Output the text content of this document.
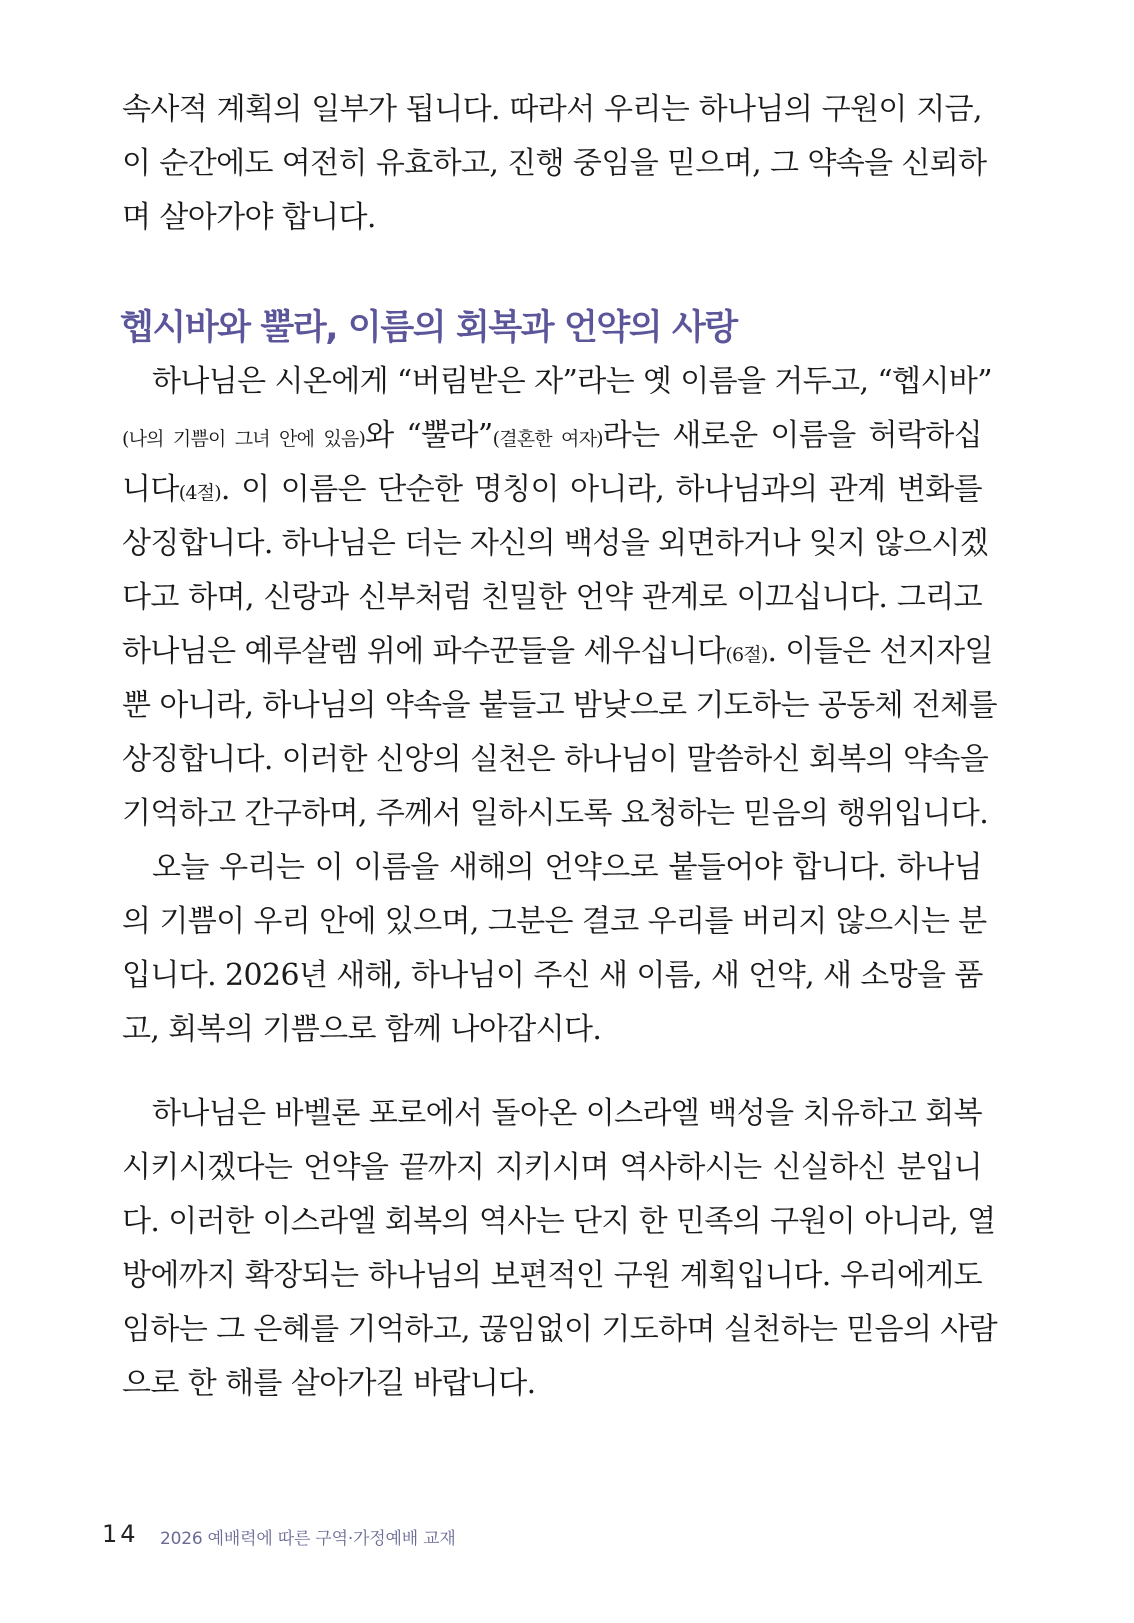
속사적 계획의 일부가 됩니다. 따라서 우리는 하나님의 구원이 지금,
이 순간에도 여전히 유효하고, 진행 중임을 믿으며, 그 약속을 신뢰하
며 살아가야 합니다.
헵시바와 뿔라, 이름의 회복과 언약의 사랑
하나님은 시온에게 “버림받은 자”라는 옛 이름을 거두고, “헵시바”
(나의 기쁨이 그녀 안에 있음)와 “뿔라”(결혼한 여자)라는 새로운 이름을 허락하십
니다(4절). 이 이름은 단순한 명칭이 아니라, 하나님과의 관계 변화를
상징합니다. 하나님은 더는 자신의 백성을 외면하거나 잊지 않으시겠
다고 하며, 신랑과 신부처럼 친밀한 언약 관계로 이끄십니다. 그리고
하나님은 예루살렘 위에 파수꾼들을 세우십니다(6절). 이들은 선지자일
뿐 아니라, 하나님의 약속을 붙들고 밤낮으로 기도하는 공동체 전체를
상징합니다. 이러한 신앙의 실천은 하나님이 말씀하신 회복의 약속을
기억하고 간구하며, 주께서 일하시도록 요청하는 믿음의 행위입니다.
오늘 우리는 이 이름을 새해의 언약으로 붙들어야 합니다. 하나님
의 기쁨이 우리 안에 있으며, 그분은 결코 우리를 버리지 않으시는 분
입니다. 2026년 새해, 하나님이 주신 새 이름, 새 언약, 새 소망을 품
고, 회복의 기쁨으로 함께 나아갑시다.
하나님은 바벨론 포로에서 돌아온 이스라엘 백성을 치유하고 회복
시키시겠다는 언약을 끝까지 지키시며 역사하시는 신실하신 분입니
다. 이러한 이스라엘 회복의 역사는 단지 한 민족의 구원이 아니라, 열
방에까지 확장되는 하나님의 보편적인 구원 계획입니다. 우리에게도
임하는 그 은혜를 기억하고, 끊임없이 기도하며 실천하는 믿음의 사람
으로 한 해를 살아가길 바랍니다.
14 2026 예배력에 따른 구역·가정예배 교재
